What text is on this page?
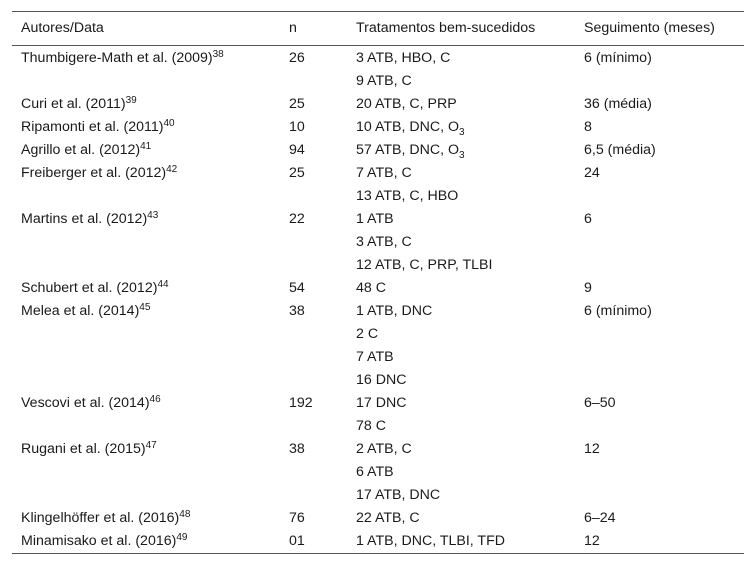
Autores/Data	n	Tratamentos bem-sucedidos	Seguimento (meses)
Thumbigere-Math et al. $(2009)^{38}$	26	3 ATB, HBO, C	6 (mínimo)
9 ATB, C
Curi et al. $(2011)^{39}$	25	20 ATB, C, PRP	36 (média)
Ripamonti et al. $(2011)^{40}$	10	10 ATB, DNC, $O_3$	8
Agrillo et al. $(2012)^{41}$	94	57 ATB, DNC, $O_3$	6,5 (média)
Freiberger et al. $(2012)^{42}$	25	7 ATB, C	24
13 ATB, C, HBO
Martins et al. $(2012)^{43}$	22	1 ATB	6
3 ATB, C
12 ATB, C, PRP, TLBI
Schubert et al. $(2012)^{44}$	54	48 C	9
Melea et al. $(2014)^{45}$	38	1 ATB, DNC	6 (mínimo)
2 C
7 ATB
16 DNC
Vescovi et al. $(2014)^{46}$	192	17 DNC	6–50
78 C
Rugani et al. $(2015)^{47}$	38	2 ATB, C	12
6 ATB
17 ATB, DNC
Klingelhöffer et al. $(2016)^{48}$	76	22 ATB, C	6–24
Minamisako et al. $(2016)^{49}$	01	1 ATB, DNC, TLBI, TFD	12
